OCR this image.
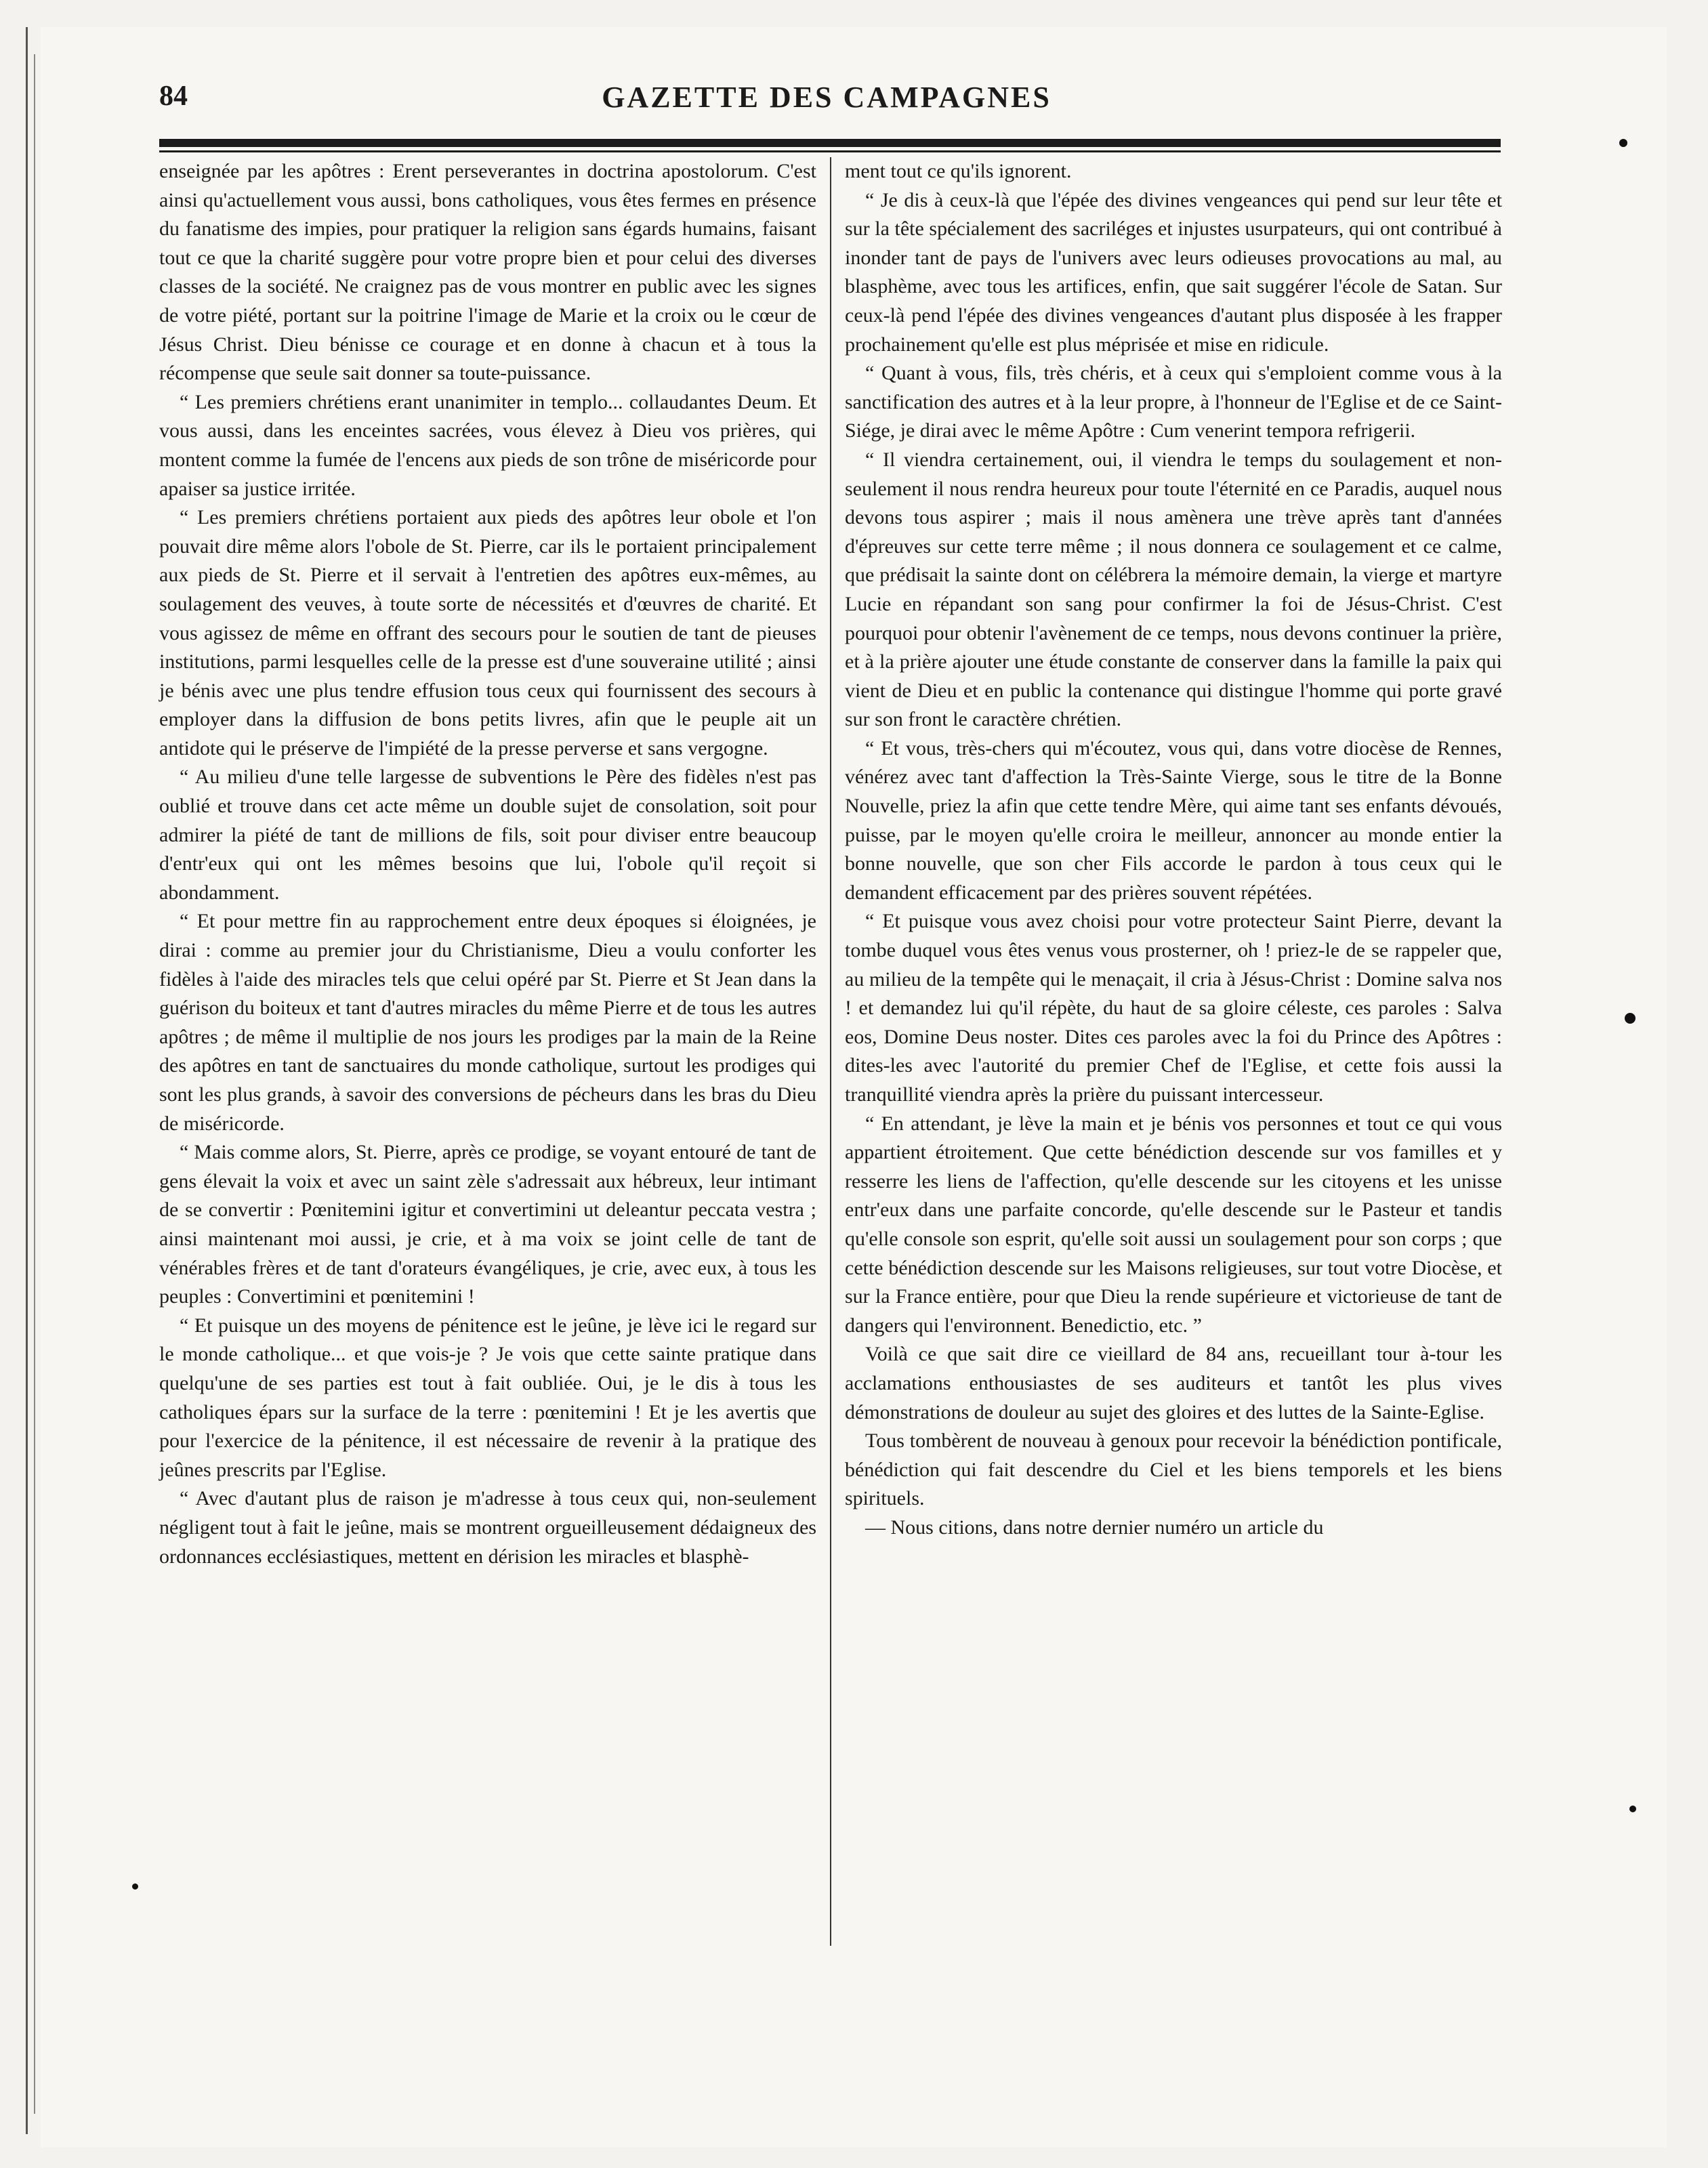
84	GAZETTE DES CAMPAGNES

enseignée par les apôtres : Erent perseverantes in doctrina apostolorum. C'est ainsi qu'actuellement vous aussi, bons catholiques, vous êtes fermes en présence du fanatisme des impies, pour pratiquer la religion sans égards humains, faisant tout ce que la charité suggère pour votre propre bien et pour celui des diverses classes de la société. Ne craignez pas de vous montrer en public avec les signes de votre piété, portant sur la poitrine l'image de Marie et la croix ou le cœur de Jésus Christ. Dieu bénisse ce courage et en donne à chacun et à tous la récompense que seule sait donner sa toute-puissance.

“ Les premiers chrétiens erant unanimiter in templo... collaudantes Deum. Et vous aussi, dans les enceintes sacrées, vous élevez à Dieu vos prières, qui montent comme la fumée de l'encens aux pieds de son trône de miséricorde pour apaiser sa justice irritée.

“ Les premiers chrétiens portaient aux pieds des apôtres leur obole et l'on pouvait dire même alors l'obole de St. Pierre, car ils le portaient principalement aux pieds de St. Pierre et il servait à l'entretien des apôtres eux-mêmes, au soulagement des veuves, à toute sorte de nécessités et d'œuvres de charité. Et vous agissez de même en offrant des secours pour le soutien de tant de pieuses institutions, parmi lesquelles celle de la presse est d'une souveraine utilité ; ainsi je bénis avec une plus tendre effusion tous ceux qui fournissent des secours à employer dans la diffusion de bons petits livres, afin que le peuple ait un antidote qui le préserve de l'impiété de la presse perverse et sans vergogne.

“ Au milieu d'une telle largesse de subventions le Père des fidèles n'est pas oublié et trouve dans cet acte même un double sujet de consolation, soit pour admirer la piété de tant de millions de fils, soit pour diviser entre beaucoup d'entr'eux qui ont les mêmes besoins que lui, l'obole qu'il reçoit si abondamment.

“ Et pour mettre fin au rapprochement entre deux époques si éloignées, je dirai : comme au premier jour du Christianisme, Dieu a voulu conforter les fidèles à l'aide des miracles tels que celui opéré par St. Pierre et St Jean dans la guérison du boiteux et tant d'autres miracles du même Pierre et de tous les autres apôtres ; de même il multiplie de nos jours les prodiges par la main de la Reine des apôtres en tant de sanctuaires du monde catholique, surtout les prodiges qui sont les plus grands, à savoir des conversions de pécheurs dans les bras du Dieu de miséricorde.

“ Mais comme alors, St. Pierre, après ce prodige, se voyant entouré de tant de gens élevait la voix et avec un saint zèle s'adressait aux hébreux, leur intimant de se convertir : Pœnitemini igitur et convertimini ut deleantur peccata vestra ; ainsi maintenant moi aussi, je crie, et à ma voix se joint celle de tant de vénérables frères et de tant d'orateurs évangéliques, je crie, avec eux, à tous les peuples : Convertimini et pœnitemini !

“ Et puisque un des moyens de pénitence est le jeûne, je lève ici le regard sur le monde catholique... et que vois-je ? Je vois que cette sainte pratique dans quelqu'une de ses parties est tout à fait oubliée. Oui, je le dis à tous les catholiques épars sur la surface de la terre : pœnitemini ! Et je les avertis que pour l'exercice de la pénitence, il est nécessaire de revenir à la pratique des jeûnes prescrits par l'Eglise.

“ Avec d'autant plus de raison je m'adresse à tous ceux qui, non-seulement négligent tout à fait le jeûne, mais se montrent orgueilleusement dédaigneux des ordonnances ecclésiastiques, mettent en dérision les miracles et blasphè-

ment tout ce qu'ils ignorent.

“ Je dis à ceux-là que l'épée des divines vengeances qui pend sur leur tête et sur la tête spécialement des sacriléges et injustes usurpateurs, qui ont contribué à inonder tant de pays de l'univers avec leurs odieuses provocations au mal, au blasphème, avec tous les artifices, enfin, que sait suggérer l'école de Satan. Sur ceux-là pend l'épée des divines vengeances d'autant plus disposée à les frapper prochainement qu'elle est plus méprisée et mise en ridicule.

“ Quant à vous, fils, très chéris, et à ceux qui s'emploient comme vous à la sanctification des autres et à la leur propre, à l'honneur de l'Eglise et de ce Saint-Siége, je dirai avec le même Apôtre : Cum venerint tempora refrigerii.

“ Il viendra certainement, oui, il viendra le temps du soulagement et non-seulement il nous rendra heureux pour toute l'éternité en ce Paradis, auquel nous devons tous aspirer ; mais il nous amènera une trève après tant d'années d'épreuves sur cette terre même ; il nous donnera ce soulagement et ce calme, que prédisait la sainte dont on célébrera la mémoire demain, la vierge et martyre Lucie en répandant son sang pour confirmer la foi de Jésus-Christ. C'est pourquoi pour obtenir l'avènement de ce temps, nous devons continuer la prière, et à la prière ajouter une étude constante de conserver dans la famille la paix qui vient de Dieu et en public la contenance qui distingue l'homme qui porte gravé sur son front le caractère chrétien.

“ Et vous, très-chers qui m'écoutez, vous qui, dans votre diocèse de Rennes, vénérez avec tant d'affection la Très-Sainte Vierge, sous le titre de la Bonne Nouvelle, priez la afin que cette tendre Mère, qui aime tant ses enfants dévoués, puisse, par le moyen qu'elle croira le meilleur, annoncer au monde entier la bonne nouvelle, que son cher Fils accorde le pardon à tous ceux qui le demandent efficacement par des prières souvent répétées.

“ Et puisque vous avez choisi pour votre protecteur Saint Pierre, devant la tombe duquel vous êtes venus vous prosterner, oh ! priez-le de se rappeler que, au milieu de la tempête qui le menaçait, il cria à Jésus-Christ : Domine salva nos ! et demandez lui qu'il répète, du haut de sa gloire céleste, ces paroles : Salva eos, Domine Deus noster. Dites ces paroles avec la foi du Prince des Apôtres : dites-les avec l'autorité du premier Chef de l'Eglise, et cette fois aussi la tranquillité viendra après la prière du puissant intercesseur.

“ En attendant, je lève la main et je bénis vos personnes et tout ce qui vous appartient étroitement. Que cette bénédiction descende sur vos familles et y resserre les liens de l'affection, qu'elle descende sur les citoyens et les unisse entr'eux dans une parfaite concorde, qu'elle descende sur le Pasteur et tandis qu'elle console son esprit, qu'elle soit aussi un soulagement pour son corps ; que cette bénédiction descende sur les Maisons religieuses, sur tout votre Diocèse, et sur la France entière, pour que Dieu la rende supérieure et victorieuse de tant de dangers qui l'environnent. Benedictio, etc. ”

Voilà ce que sait dire ce vieillard de 84 ans, recueillant tour à-tour les acclamations enthousiastes de ses auditeurs et tantôt les plus vives démonstrations de douleur au sujet des gloires et des luttes de la Sainte-Eglise.

Tous tombèrent de nouveau à genoux pour recevoir la bénédiction pontificale, bénédiction qui fait descendre du Ciel et les biens temporels et les biens spirituels.

— Nous citions, dans notre dernier numéro un article du
